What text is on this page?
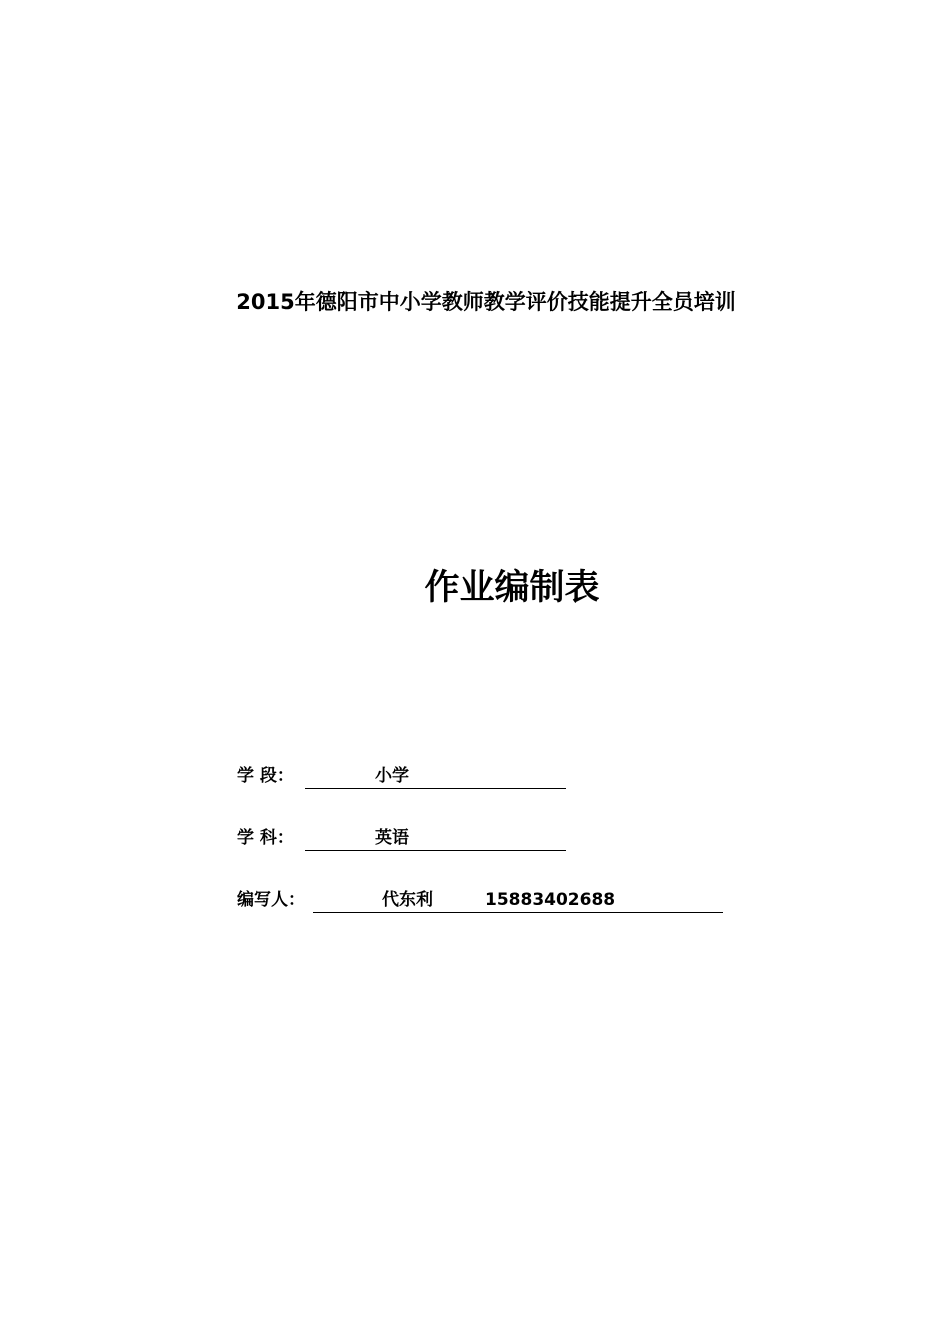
2015年德阳市中小学教师教学评价技能提升全员培训
作业编制表
学 段：	小学
学 科：	英语
编写人：	代东利	15883402688
